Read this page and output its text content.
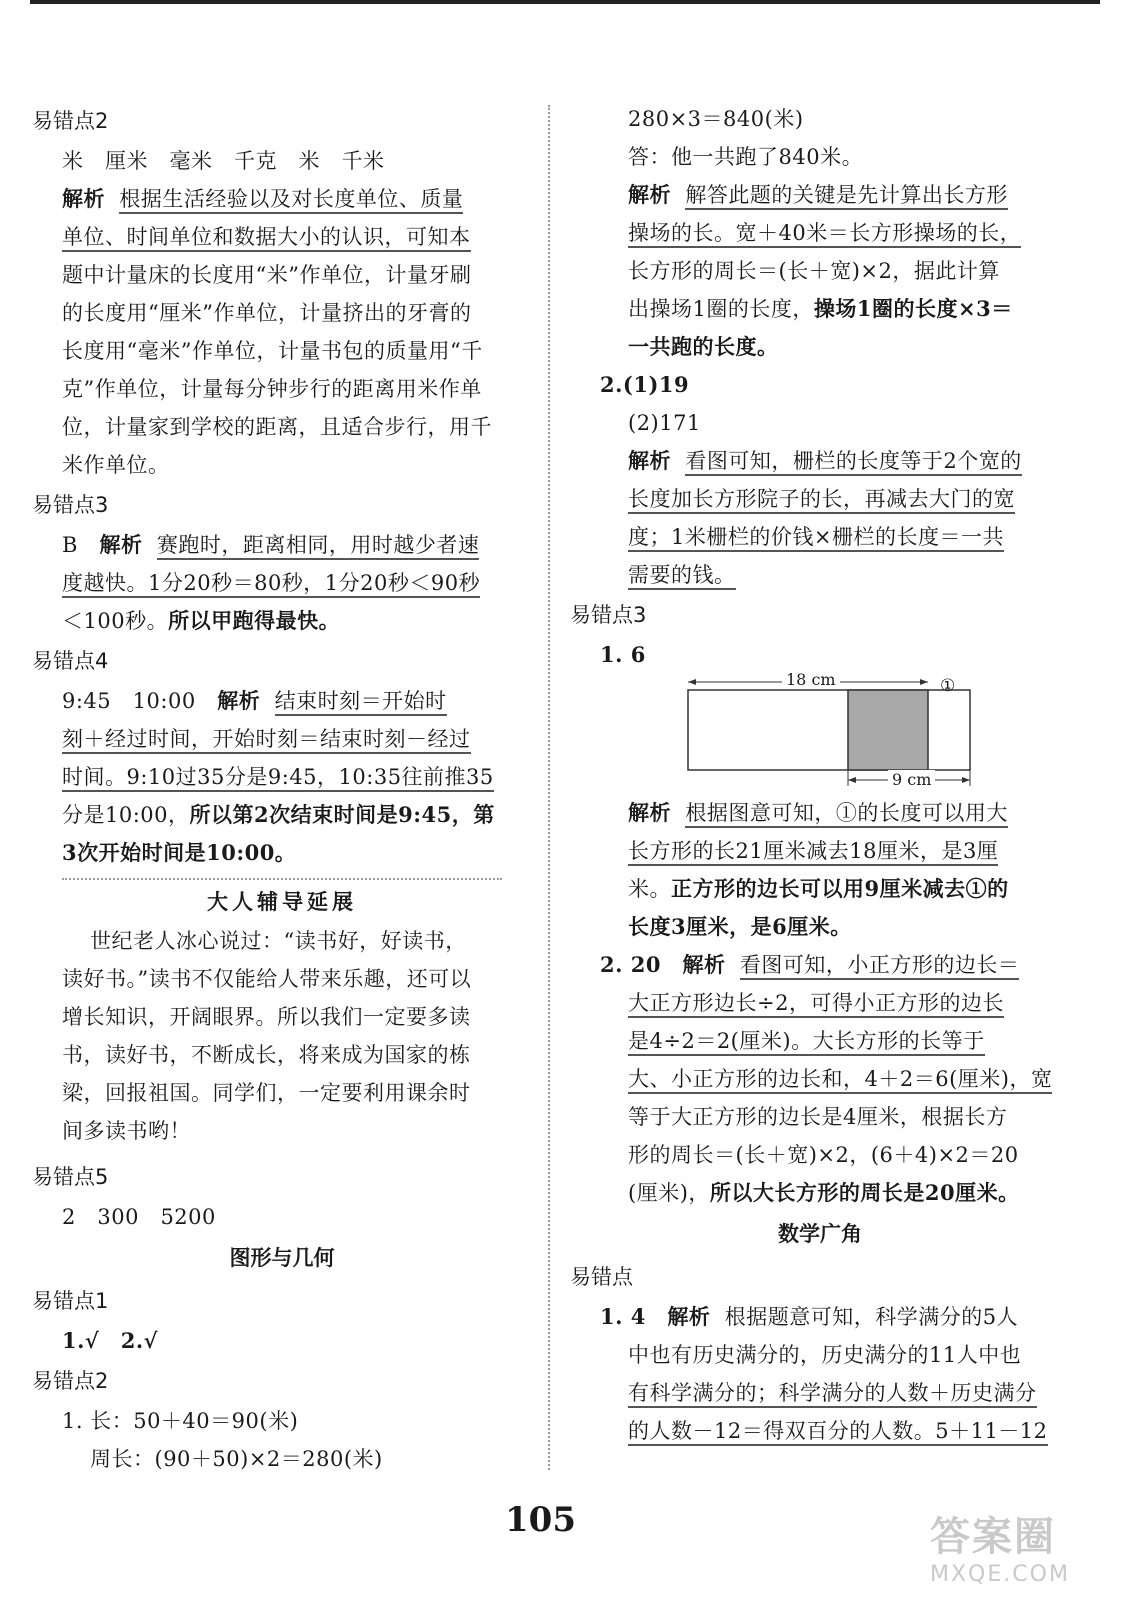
易错点2
米　厘米　毫米　千克　米　千米
解析 根据生活经验以及对长度单位、质量
单位、时间单位和数据大小的认识，可知本
题中计量床的长度用“米”作单位，计量牙刷
的长度用“厘米”作单位，计量挤出的牙膏的
长度用“毫米”作单位，计量书包的质量用“千
克”作单位，计量每分钟步行的距离用米作单
位，计量家到学校的距离，且适合步行，用千
米作单位。
易错点3
B 解析 赛跑时，距离相同，用时越少者速
度越快。1分20秒＝80秒，1分20秒＜90秒
＜100秒。所以甲跑得最快。
易错点4
9:45　10:00 解析 结束时刻＝开始时
刻＋经过时间，开始时刻＝结束时刻－经过
时间。9:10过35分是9:45，10:35往前推35
分是10:00，所以第2次结束时间是9:45，第
3次开始时间是10:00。
大人辅导延展
世纪老人冰心说过：“读书好，好读书，
读好书。”读书不仅能给人带来乐趣，还可以
增长知识，开阔眼界。所以我们一定要多读
书，读好书，不断成长，将来成为国家的栋
梁，回报祖国。同学们，一定要利用课余时
间多读书哟！
易错点5
2　300　5200
图形与几何
易错点1
1.√　2.√
易错点2
1. 长：50＋40＝90(米)
周长：(90＋50)×2＝280(米)
280×3＝840(米)
答：他一共跑了840米。
解析 解答此题的关键是先计算出长方形
操场的长。宽＋40米＝长方形操场的长，
长方形的周长＝(长＋宽)×2，据此计算
出操场1圈的长度，操场1圈的长度×3＝
一共跑的长度。
2.(1)19
(2)171
解析 看图可知，栅栏的长度等于2个宽的
长度加长方形院子的长，再减去大门的宽
度；1米栅栏的价钱×栅栏的长度＝一共
需要的钱。
易错点3
1. 6
18 cm	①
9 cm
解析 根据图意可知，①的长度可以用大
长方形的长21厘米减去18厘米，是3厘
米。正方形的边长可以用9厘米减去①的
长度3厘米，是6厘米。
2. 20 解析 看图可知，小正方形的边长＝
大正方形边长÷2，可得小正方形的边长
是4÷2＝2(厘米)。大长方形的长等于
大、小正方形的边长和，4＋2＝6(厘米)，宽
等于大正方形的边长是4厘米，根据长方
形的周长＝(长＋宽)×2，(6＋4)×2＝20
(厘米)，所以大长方形的周长是20厘米。
数学广角
易错点
1. 4 解析 根据题意可知，科学满分的5人
中也有历史满分的，历史满分的11人中也
有科学满分的；科学满分的人数＋历史满分
的人数－12＝得双百分的人数。5＋11－12
105	答案圈
MXQE.COM
